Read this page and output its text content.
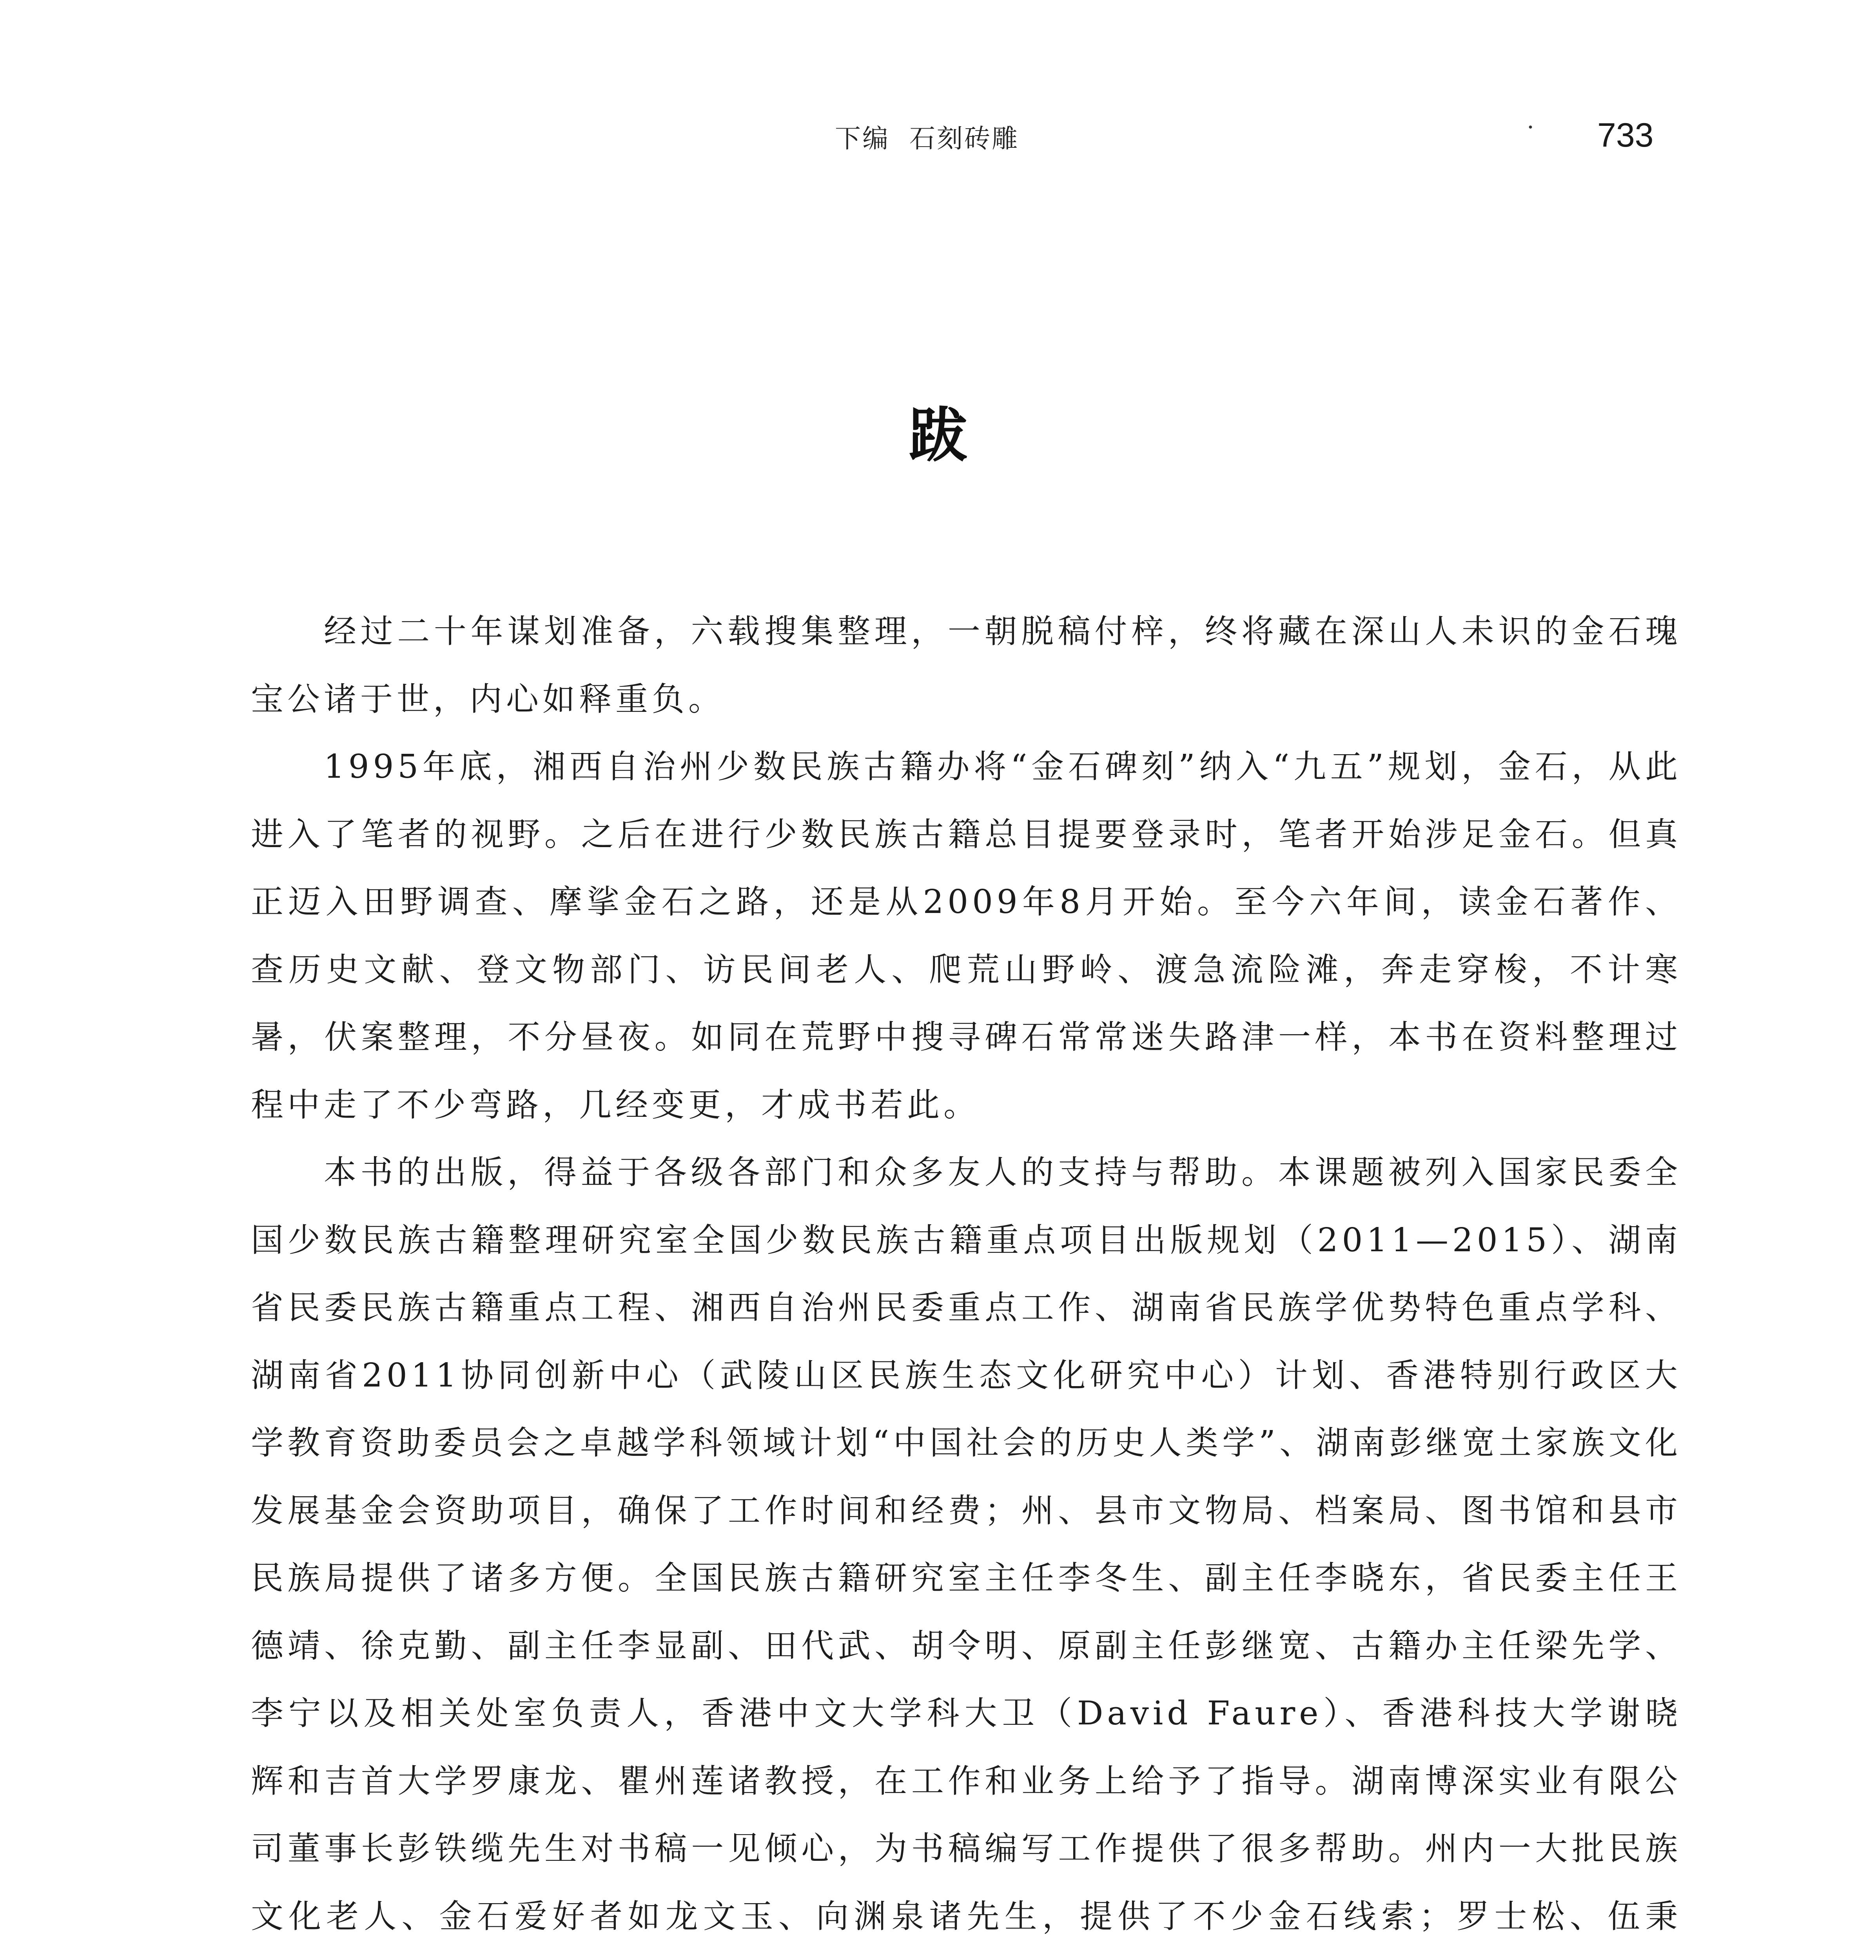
下编 石刻砖雕	· 733
跋

经过二十年谋划准备，六载搜集整理，一朝脱稿付梓，终将藏在深山人未识的金石瑰宝公诸于世，内心如释重负。

1995年底，湘西自治州少数民族古籍办将“金石碑刻”纳入“九五”规划，金石，从此进入了笔者的视野。之后在进行少数民族古籍总目提要登录时，笔者开始涉足金石。但真正迈入田野调查、摩挲金石之路，还是从2009年8月开始。至今六年间，读金石著作、查历史文献、登文物部门、访民间老人、爬荒山野岭、渡急流险滩，奔走穿梭，不计寒暑，伏案整理，不分昼夜。如同在荒野中搜寻碑石常常迷失路津一样，本书在资料整理过程中走了不少弯路，几经变更，才成书若此。

本书的出版，得益于各级各部门和众多友人的支持与帮助。本课题被列入国家民委全国少数民族古籍整理研究室全国少数民族古籍重点项目出版规划（2011—2015）、湖南省民委民族古籍重点工程、湘西自治州民委重点工作、湖南省民族学优势特色重点学科、湖南省2011协同创新中心（武陵山区民族生态文化研究中心）计划、香港特别行政区大学教育资助委员会之卓越学科领域计划“中国社会的历史人类学”、湖南彭继宽土家族文化发展基金会资助项目，确保了工作时间和经费；州、县市文物局、档案局、图书馆和县市民族局提供了诸多方便。全国民族古籍研究室主任李冬生、副主任李晓东，省民委主任王德靖、徐克勤、副主任李显副、田代武、胡令明、原副主任彭继宽、古籍办主任梁先学、李宁以及相关处室负责人，香港中文大学科大卫（David Faure）、香港科技大学谢晓辉和吉首大学罗康龙、瞿州莲诸教授，在工作和业务上给予了指导。湖南博深实业有限公司董事长彭铁缆先生对书稿一见倾心，为书稿编写工作提供了很多帮助。州内一大批民族文化老人、金石爱好者如龙文玉、向渊泉诸先生，提供了不少金石线索；罗士松、伍秉
